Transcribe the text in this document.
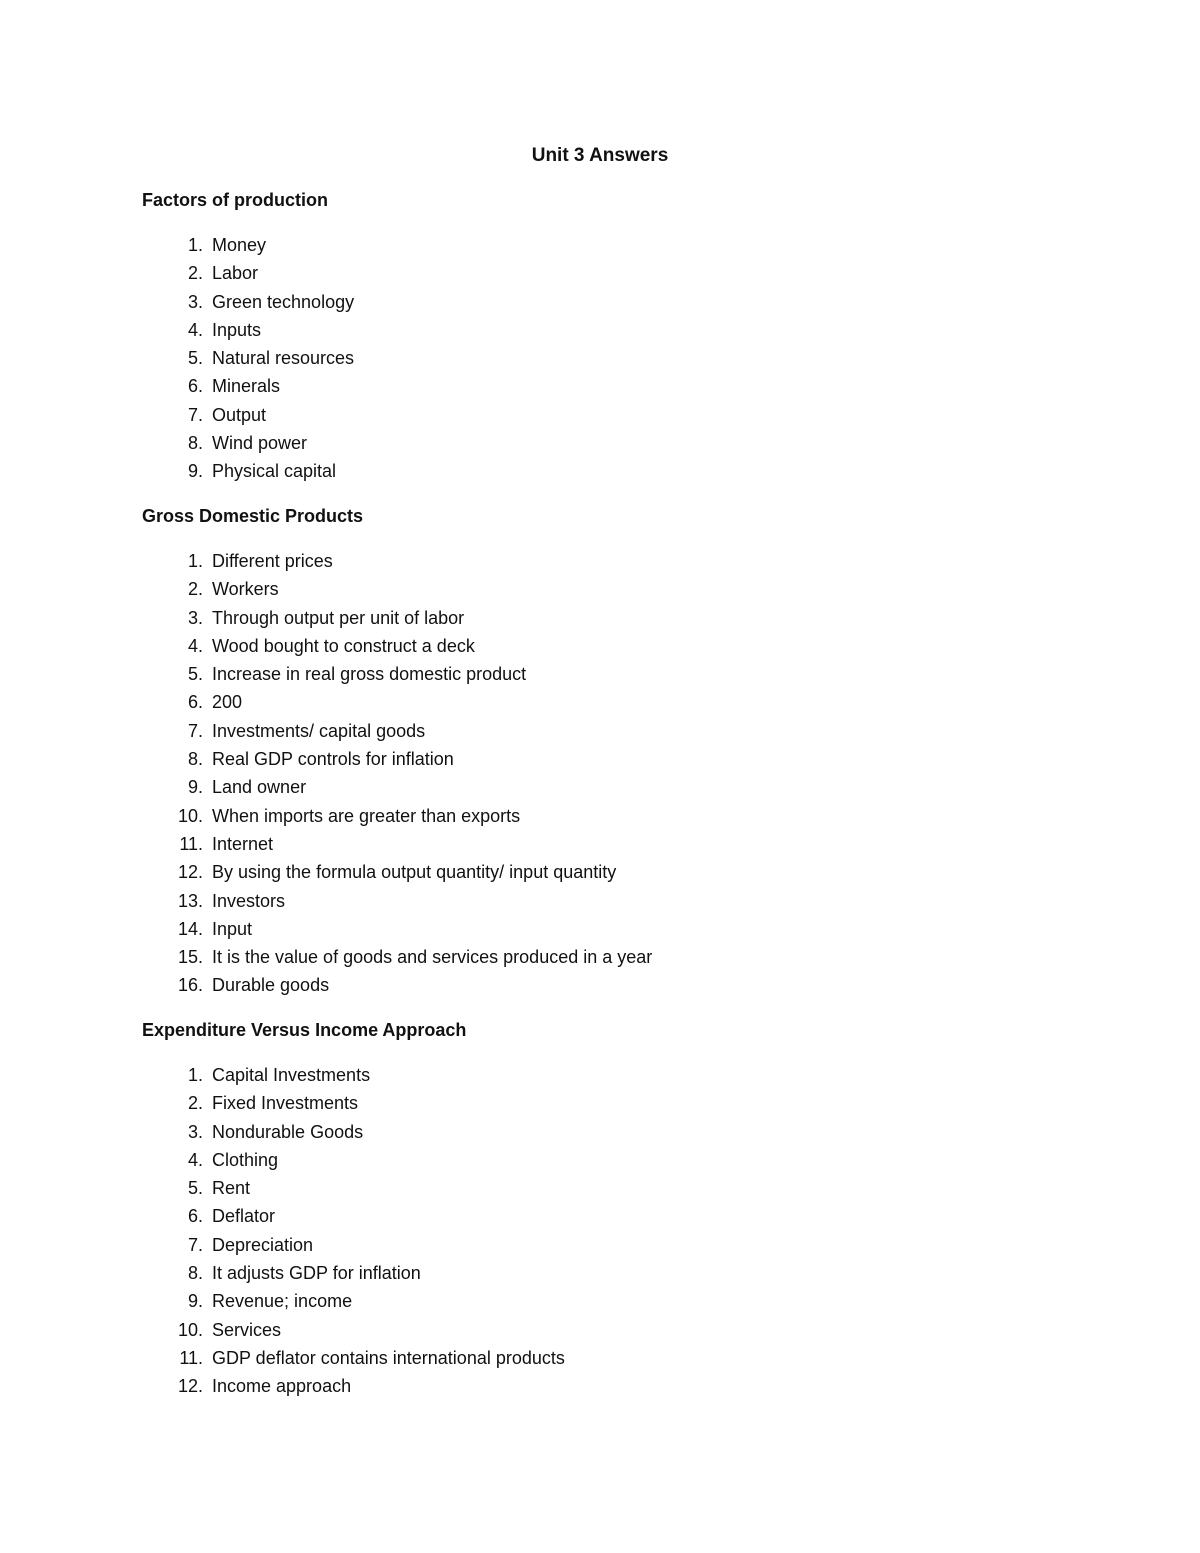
Unit 3 Answers
Factors of production
1. Money
2. Labor
3. Green technology
4. Inputs
5. Natural resources
6. Minerals
7. Output
8. Wind power
9. Physical capital
Gross Domestic Products
1. Different prices
2. Workers
3. Through output per unit of labor
4. Wood bought to construct a deck
5. Increase in real gross domestic product
6. 200
7. Investments/ capital goods
8. Real GDP controls for inflation
9. Land owner
10. When imports are greater than exports
11. Internet
12. By using the formula output quantity/ input quantity
13. Investors
14. Input
15. It is the value of goods and services produced in a year
16. Durable goods
Expenditure Versus Income Approach
1. Capital Investments
2. Fixed Investments
3. Nondurable Goods
4. Clothing
5. Rent
6. Deflator
7. Depreciation
8. It adjusts GDP for inflation
9. Revenue; income
10. Services
11. GDP deflator contains international products
12. Income approach
